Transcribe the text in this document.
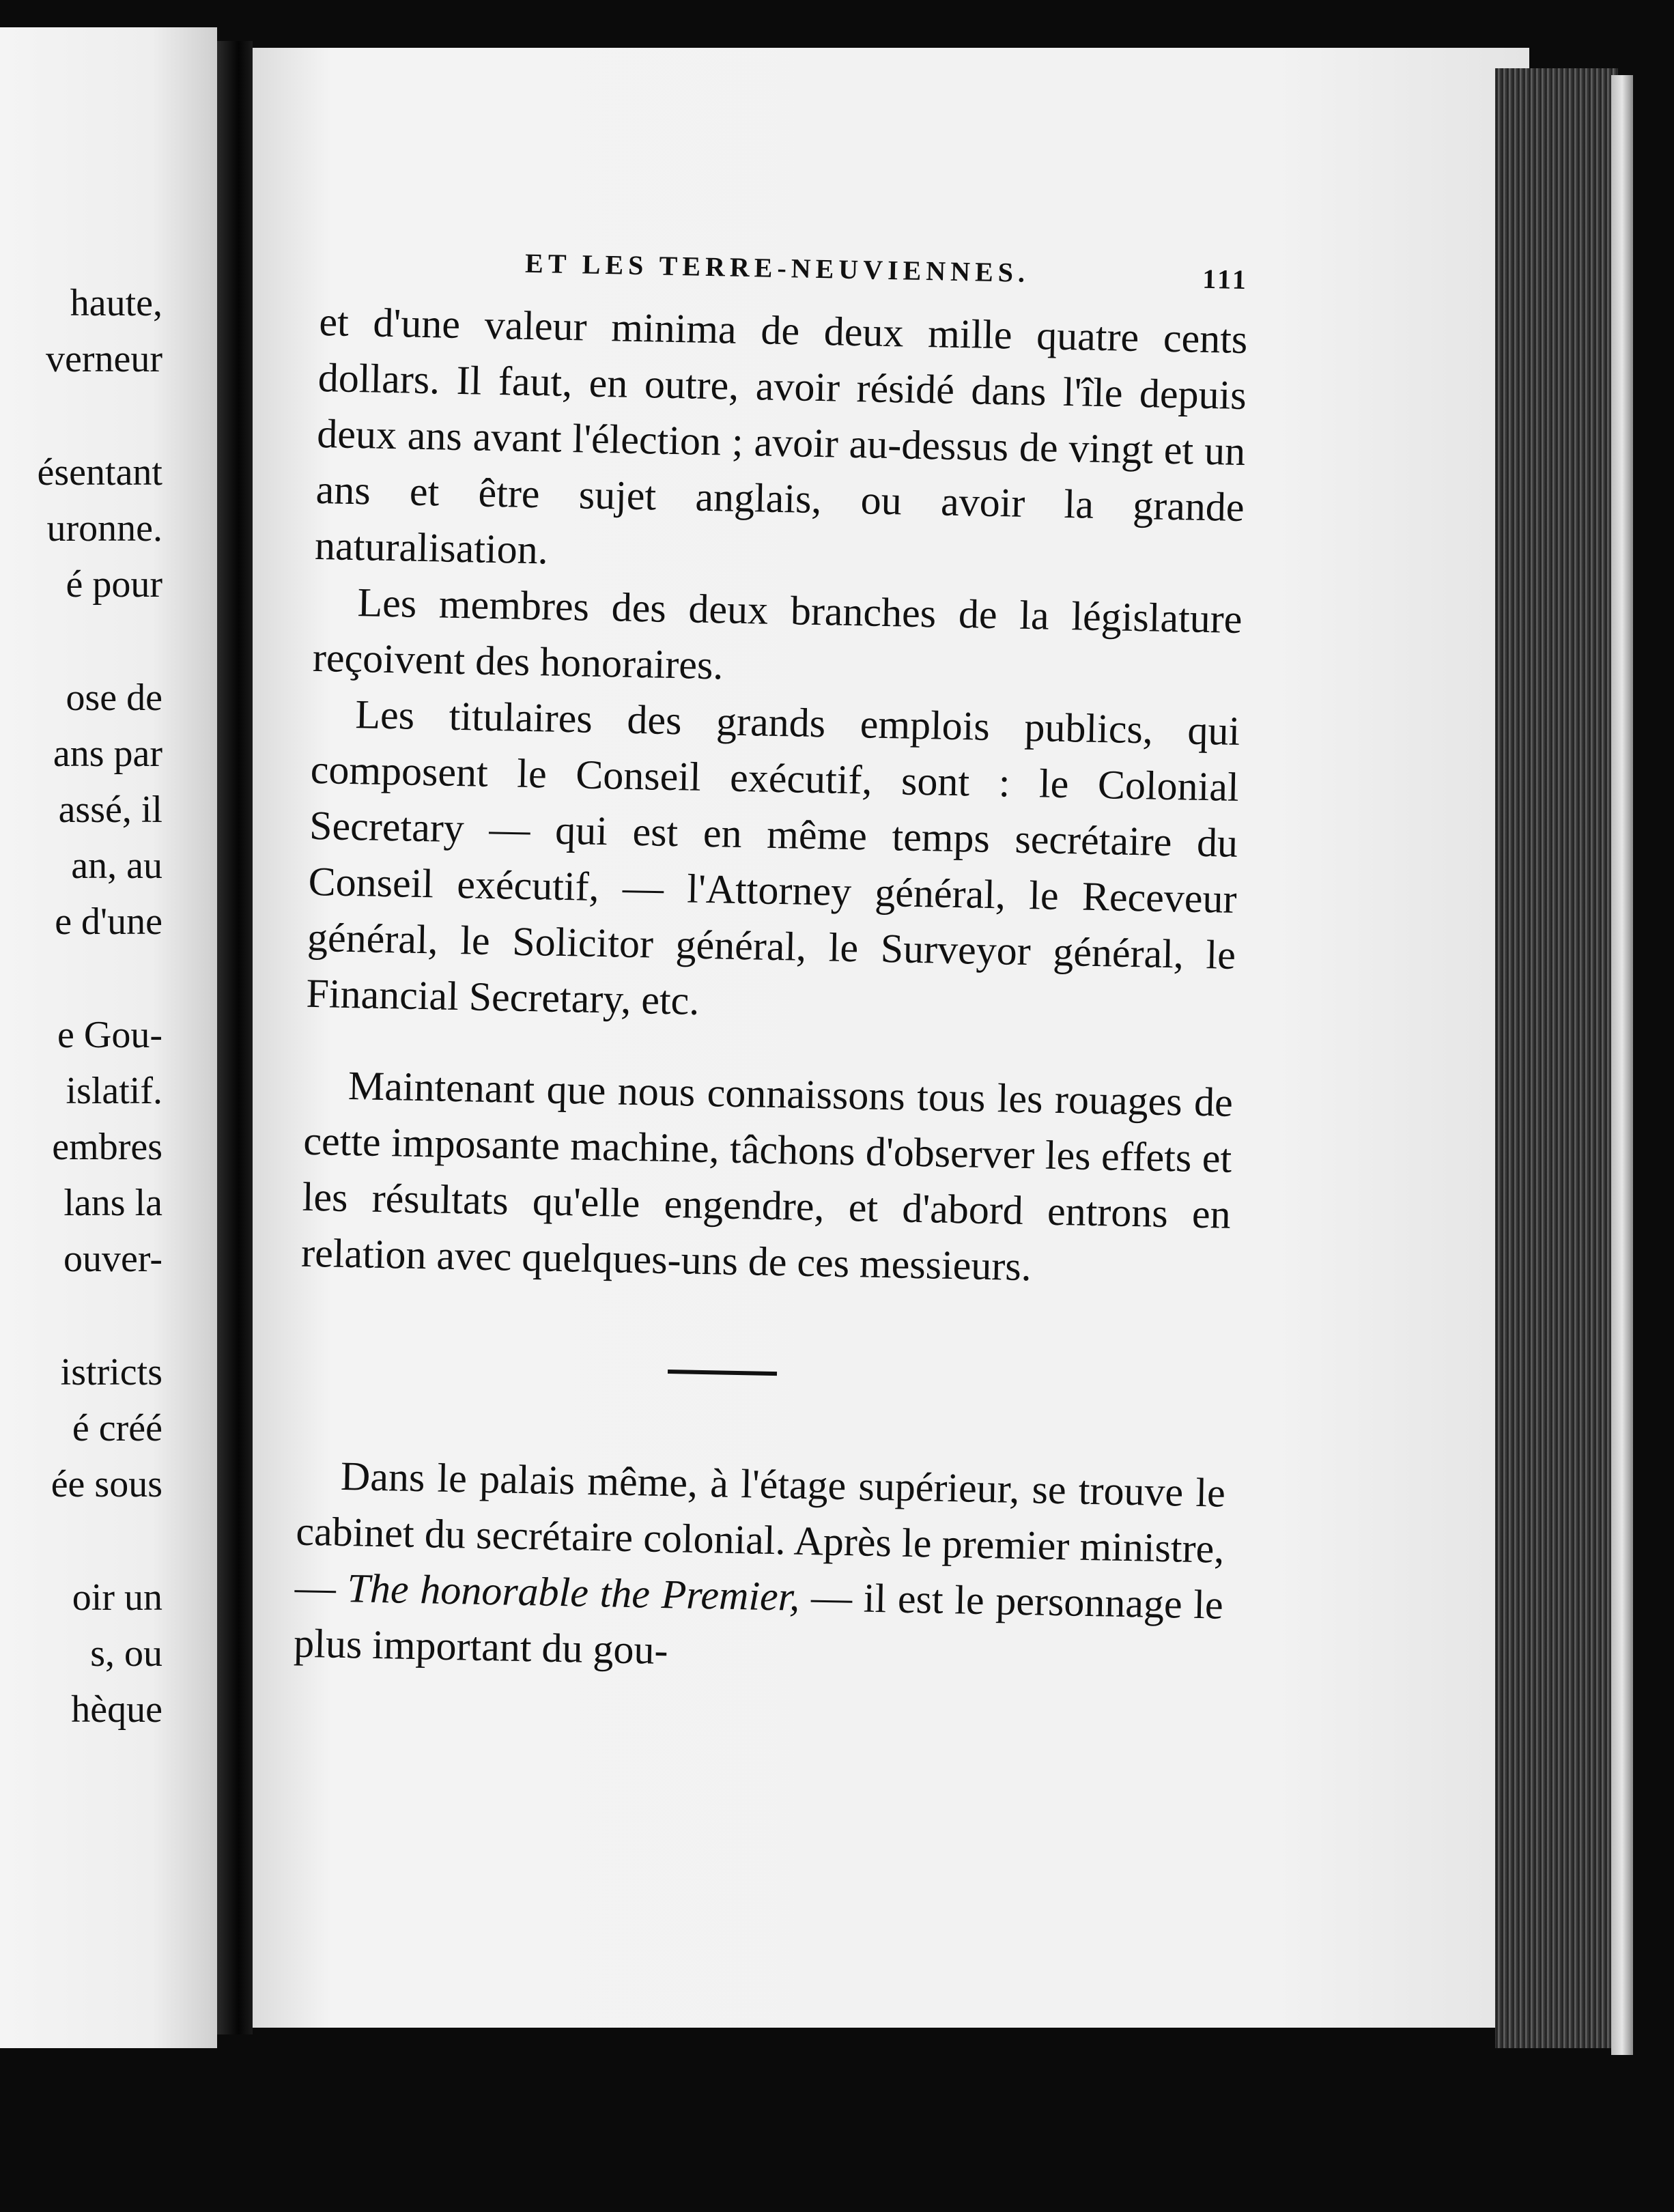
haute,
verneur
ésentant
uronne.
é pour
ose de
ans par
assé, il
an, au
e d'une
e Gou-
islatif.
embres
lans la
ouver-
istricts
é créé
ée sous
oir un
s, ou
hèque
ET LES TERRE-NEUVIENNES.	111

et d'une valeur minima de deux mille quatre cents dollars. Il faut, en outre, avoir résidé dans l'île depuis deux ans avant l'élection ; avoir au-dessus de vingt et un ans et être sujet anglais, ou avoir la grande naturalisation.

Les membres des deux branches de la législature reçoivent des honoraires.

Les titulaires des grands emplois publics, qui composent le Conseil exécutif, sont : le Colonial Secretary — qui est en même temps secrétaire du Conseil exécutif, — l'Attorney général, le Receveur général, le Solicitor général, le Surveyor général, le Financial Secretary, etc.

Maintenant que nous connaissons tous les rouages de cette imposante machine, tâchons d'observer les effets et les résultats qu'elle engendre, et d'abord entrons en relation avec quelques-uns de ces messieurs.

Dans le palais même, à l'étage supérieur, se trouve le cabinet du secrétaire colonial. Après le premier ministre, — The honorable the Premier, — il est le personnage le plus important du gou-
